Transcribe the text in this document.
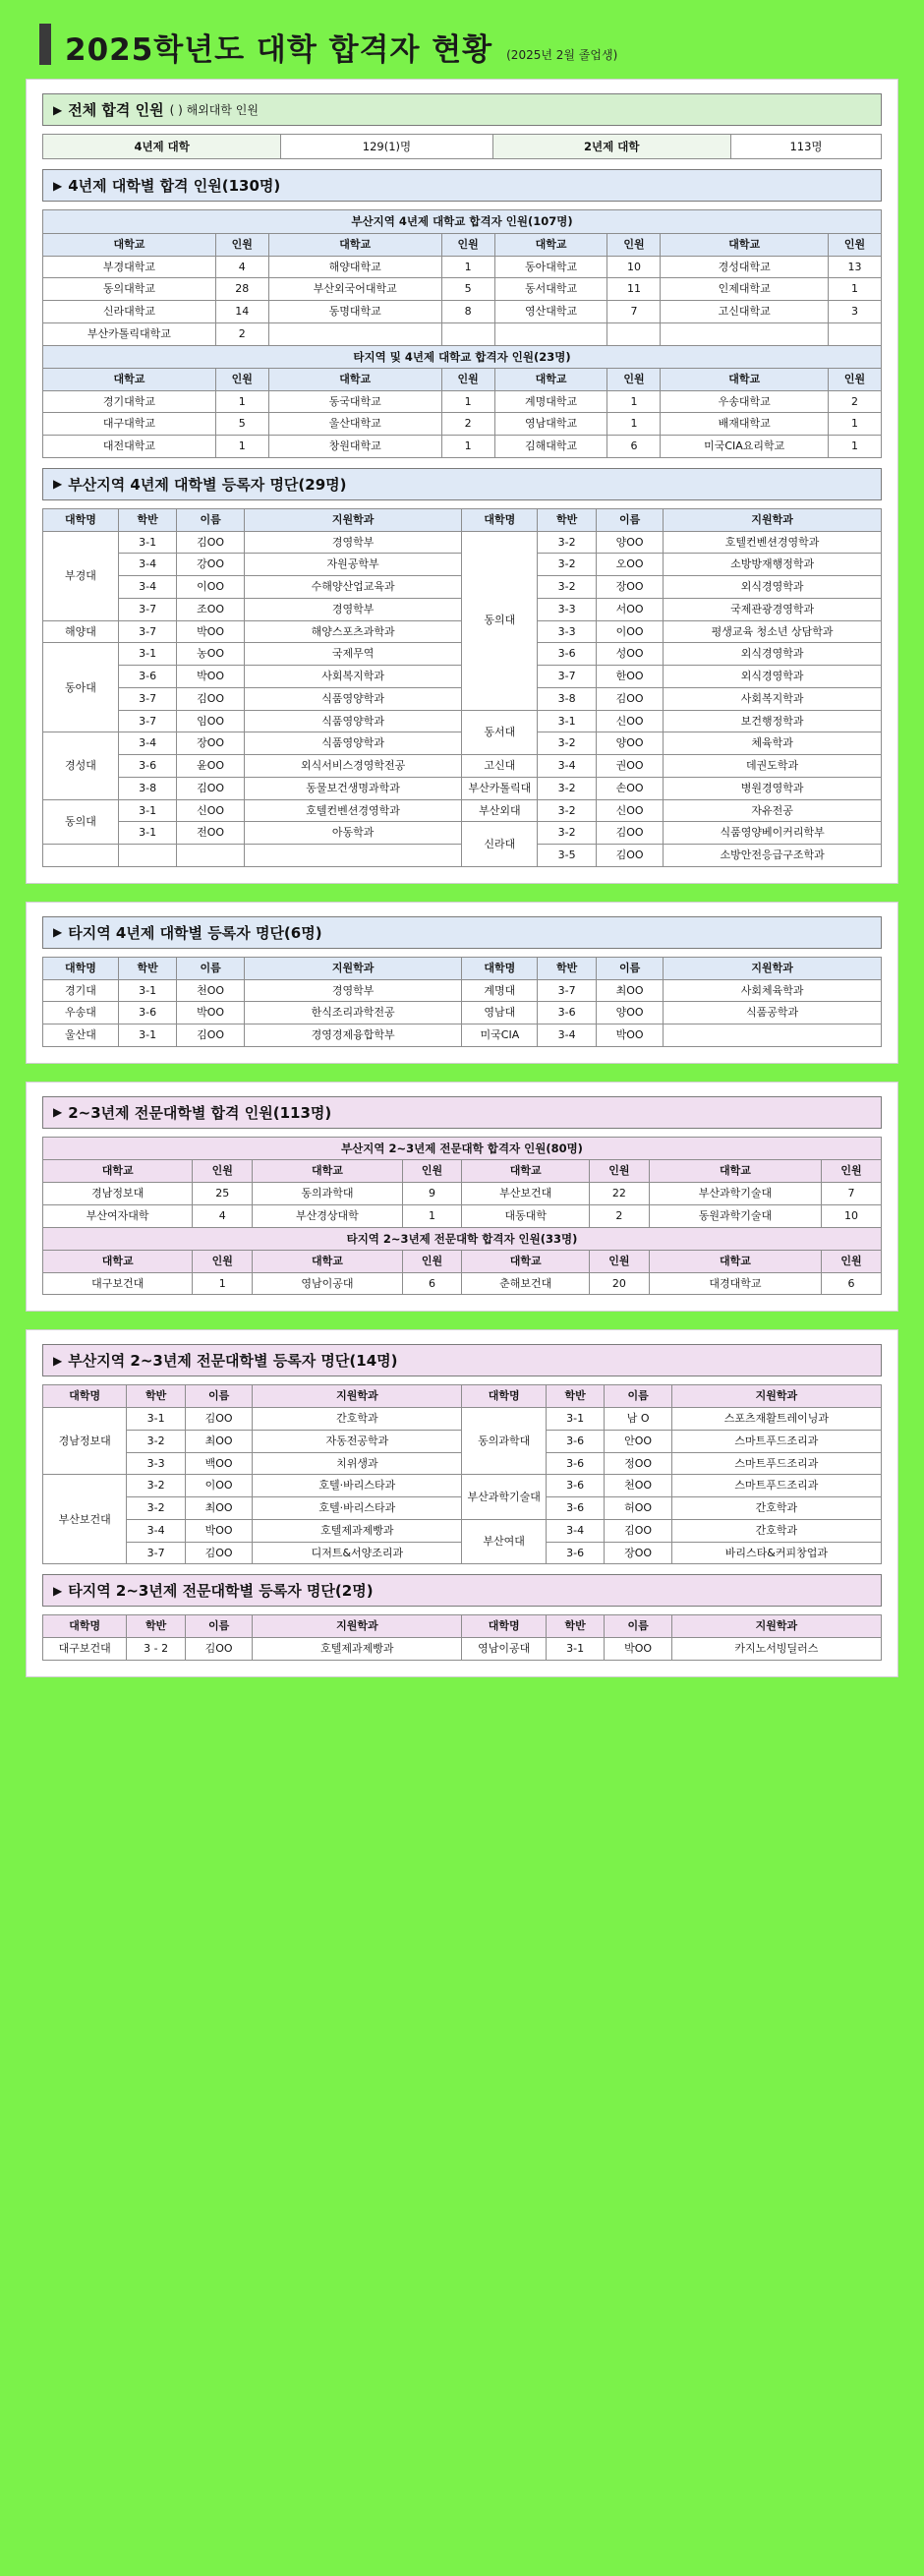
2025학년도 대학 합격자 현황 (2025년 2월 졸업생)
▶ 전체 합격 인원 ( ) 해외대학 인원
4년제 대학	129(1)명	2년제 대학	113명
▶ 4년제 대학별 합격 인원(130명)
부산지역 4년제 대학교 합격자 인원(107명)							
대학교	인원	대학교	인원	대학교	인원	대학교	인원
부경대학교	4	해양대학교	1	동아대학교	10	경성대학교	13
동의대학교	28	부산외국어대학교	5	동서대학교	11	인제대학교	1
신라대학교	14	동명대학교	8	영산대학교	7	고신대학교	3
부산카톨릭대학교	2						
타지역 및 4년제 대학교 합격자 인원(23명)							
대학교	인원	대학교	인원	대학교	인원	대학교	인원
경기대학교	1	동국대학교	1	계명대학교	1	우송대학교	2
대구대학교	5	울산대학교	2	영남대학교	1	배재대학교	1
대전대학교	1	창원대학교	1	김해대학교	6	미국CIA요리학교	1
▶ 부산지역 4년제 대학별 등록자 명단(29명)
대학명	학반	이름	지원학과	대학명	학반	이름	지원학과
부경대	3-1	김OO	경영학부	동의대	3-2	양OO	호텔컨벤션경영학과
	3-4	강OO	자원공학부		3-2	오OO	소방방재행정학과
	3-4	이OO	수해양산업교육과		3-2	장OO	외식경영학과
	3-7	조OO	경영학부		3-3	서OO	국제관광경영학과
해양대	3-7	박OO	해양스포츠과학과		3-3	이OO	평생교육 청소년 상담학과
동아대	3-1	농OO	국제무역		3-6	성OO	외식경영학과
	3-6	박OO	사회복지학과		3-7	한OO	외식경영학과
	3-7	김OO	식품영양학과		3-8	김OO	사회복지학과
	3-7	임OO	식품영양학과	동서대	3-1	신OO	보건행정학과
경성대	3-4	장OO	식품영양학과		3-2	양OO	체육학과
	3-6	윤OO	외식서비스경영학전공	고신대	3-4	권OO	데권도학과
	3-8	김OO	동물보건생명과학과	부산카톨릭대	3-2	손OO	병원경영학과
동의대	3-1	신OO	호텔컨벤션경영학과	부산외대	3-2	신OO	자유전공
	3-1	전OO	아동학과	신라대	3-2	김OO	식품영양베이커리학부
					3-5	김OO	소방안전응급구조학과
▶ 타지역 4년제 대학별 등록자 명단(6명)
대학명	학반	이름	지원학과	대학명	학반	이름	지원학과
경기대	3-1	천OO	경영학부	계명대	3-7	최OO	사회체육학과
우송대	3-6	박OO	한식조리과학전공	영남대	3-6	양OO	식품공학과
울산대	3-1	김OO	경영경제융합학부	미국CIA	3-4	박OO	
▶ 2~3년제 전문대학별 합격 인원(113명)
부산지역 2~3년제 전문대학 합격자 인원(80명)							
대학교	인원	대학교	인원	대학교	인원	대학교	인원
경남정보대	25	동의과학대	9	부산보건대	22	부산과학기술대	7
부산여자대학	4	부산경상대학	1	대동대학	2	동원과학기술대	10
타지역 2~3년제 전문대학 합격자 인원(33명)							
대학교	인원	대학교	인원	대학교	인원	대학교	인원
대구보건대	1	영남이공대	6	춘해보건대	20	대경대학교	6
▶ 부산지역 2~3년제 전문대학별 등록자 명단(14명)
대학명	학반	이름	지원학과	대학명	학반	이름	지원학과
경남정보대	3-1	김OO	간호학과	동의과학대	3-1	남 O	스포츠재활트레이닝과
	3-2	최OO	자동전공학과		3-6	안OO	스마트푸드조리과
	3-3	백OO	치위생과		3-6	정OO	스마트푸드조리과
부산보건대	3-2	이OO	호텔·바리스타과	부산과학기술대	3-6	천OO	스마트푸드조리과
	3-2	최OO	호텔·바리스타과		3-6	허OO	간호학과
	3-4	박OO	호텔제과제빵과	부산여대	3-4	김OO	간호학과
	3-7	김OO	디저트&서양조리과		3-6	장OO	바리스타&커피창업과
▶ 타지역 2~3년제 전문대학별 등록자 명단(2명)
대학명	학반	이름	지원학과	대학명	학반	이름	지원학과
대구보건대	3 - 2	김OO	호텔제과제빵과	영남이공대	3-1	박OO	카지노서빙딜러스
